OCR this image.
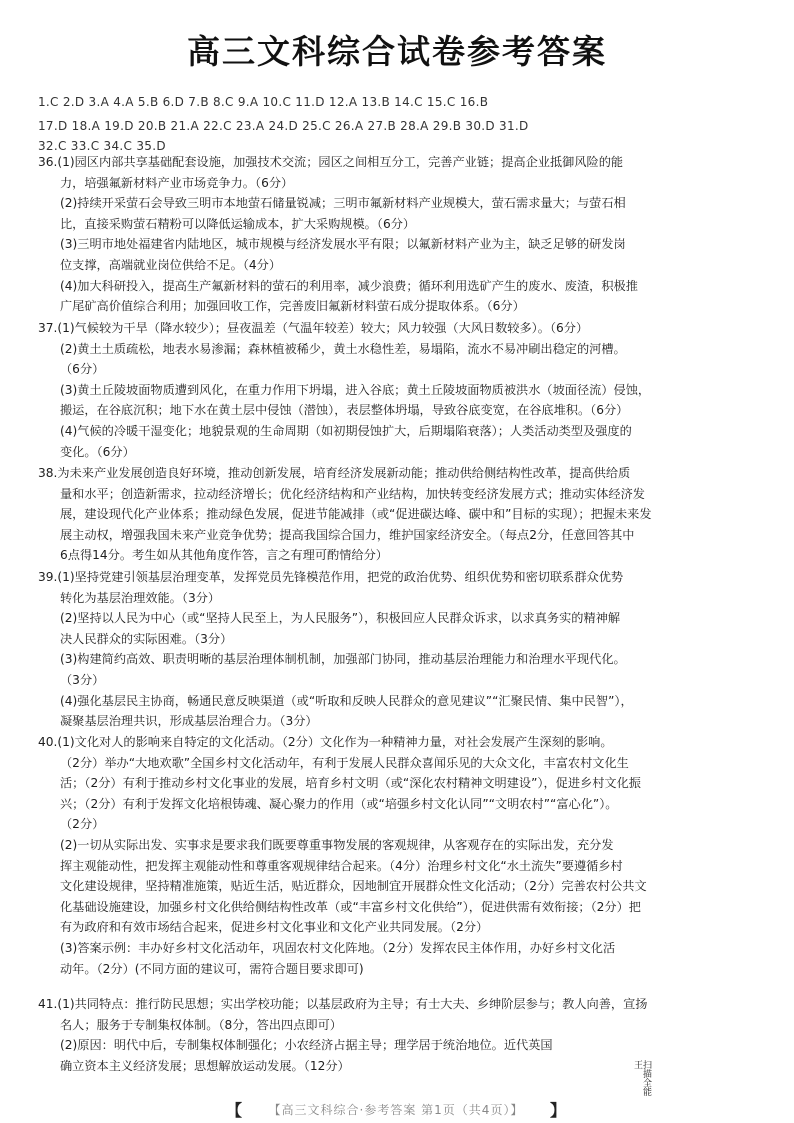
高三文科综合试卷参考答案
1.C 2.D 3.A 4.A 5.B 6.D 7.B 8.C 9.A 10.C 11.D 12.A 13.B 14.C 15.C 16.B
17.D 18.A 19.D 20.B 21.A 22.C 23.A 24.D 25.C 26.A 27.B 28.A 29.B 30.D 31.D
32.C 33.C 34.C 35.D
36.(1)园区内部共享基础配套设施，加强技术交流；园区之间相互分工，完善产业链；提高企业抵御风险的能
力，培强氟新材料产业市场竞争力。（6分）
(2)持续开采萤石会导致三明市本地萤石储量锐减；三明市氟新材料产业规模大，萤石需求量大；与萤石相
比，直接采购萤石精粉可以降低运输成本，扩大采购规模。（6分）
(3)三明市地处福建省内陆地区，城市规模与经济发展水平有限；以氟新材料产业为主，缺乏足够的研发岗
位支撑，高端就业岗位供给不足。（4分）
(4)加大科研投入，提高生产氟新材料的萤石的利用率，减少浪费；循环利用选矿产生的废水、废渣，积极推
广尾矿高价值综合利用；加强回收工作，完善废旧氟新材料萤石成分提取体系。（6分）
37.(1)气候较为干旱（降水较少）；昼夜温差（气温年较差）较大；风力较强（大风日数较多）。（6分）
(2)黄土土质疏松，地表水易渗漏；森林植被稀少，黄土水稳性差，易塌陷，流水不易冲刷出稳定的河槽。
（6分）
(3)黄土丘陵坡面物质遭到风化，在重力作用下坍塌，进入谷底；黄土丘陵坡面物质被洪水（坡面径流）侵蚀，
搬运，在谷底沉积；地下水在黄土层中侵蚀（潜蚀），表层整体坍塌，导致谷底变宽，在谷底堆积。（6分）
(4)气候的冷暖干湿变化；地貌景观的生命周期（如初期侵蚀扩大，后期塌陷衰落）；人类活动类型及强度的
变化。（6分）
38.为未来产业发展创造良好环境，推动创新发展，培育经济发展新动能；推动供给侧结构性改革，提高供给质
量和水平；创造新需求，拉动经济增长；优化经济结构和产业结构，加快转变经济发展方式；推动实体经济发
展，建设现代化产业体系；推动绿色发展，促进节能减排（或“促进碳达峰、碳中和”目标的实现）；把握未来发
展主动权，增强我国未来产业竞争优势；提高我国综合国力，维护国家经济安全。（每点2分，任意回答其中
6点得14分。考生如从其他角度作答，言之有理可酌情给分）
39.(1)坚持党建引领基层治理变革，发挥党员先锋模范作用，把党的政治优势、组织优势和密切联系群众优势
转化为基层治理效能。（3分）
(2)坚持以人民为中心（或“坚持人民至上，为人民服务”），积极回应人民群众诉求，以求真务实的精神解
决人民群众的实际困难。（3分）
(3)构建简约高效、职责明晰的基层治理体制机制，加强部门协同，推动基层治理能力和治理水平现代化。
（3分）
(4)强化基层民主协商，畅通民意反映渠道（或“听取和反映人民群众的意见建议”“汇聚民情、集中民智”），
凝聚基层治理共识，形成基层治理合力。（3分）
40.(1)文化对人的影响来自特定的文化活动。（2分）文化作为一种精神力量，对社会发展产生深刻的影响。
（2分）举办“大地欢歌”全国乡村文化活动年，有利于发展人民群众喜闻乐见的大众文化，丰富农村文化生
活；（2分）有利于推动乡村文化事业的发展，培育乡村文明（或“深化农村精神文明建设”），促进乡村文化振
兴；（2分）有利于发挥文化培根铸魂、凝心聚力的作用（或“培强乡村文化认同”“文明农村”“富心化”）。
（2分）
(2)一切从实际出发、实事求是要求我们既要尊重事物发展的客观规律，从客观存在的实际出发，充分发
挥主观能动性，把发挥主观能动性和尊重客观规律结合起来。（4分）治理乡村文化“水土流失”要遵循乡村
文化建设规律，坚持精准施策，贴近生活，贴近群众，因地制宜开展群众性文化活动；（2分）完善农村公共文
化基础设施建设，加强乡村文化供给侧结构性改革（或“丰富乡村文化供给”），促进供需有效衔接；（2分）把
有为政府和有效市场结合起来，促进乡村文化事业和文化产业共同发展。（2分）
(3)答案示例：丰办好乡村文化活动年，巩固农村文化阵地。（2分）发挥农民主体作用，办好乡村文化活
动年。（2分）(不同方面的建议可，需符合题目要求即可)
41.(1)共同特点：推行防民思想；实出学校功能；以基层政府为主导；有士大夫、乡绅阶层参与；教人向善，宣扬
名人；服务于专制集权体制。（8分，答出四点即可）
(2)原因：明代中后，专制集权体制强化；小农经济占据主导；理学居于统治地位。近代英国
确立资本主义经济发展；思想解放运动发展。（12分）	扫描全能王
【	【高三文科综合·参考答案 第1页（共4页）】	】
